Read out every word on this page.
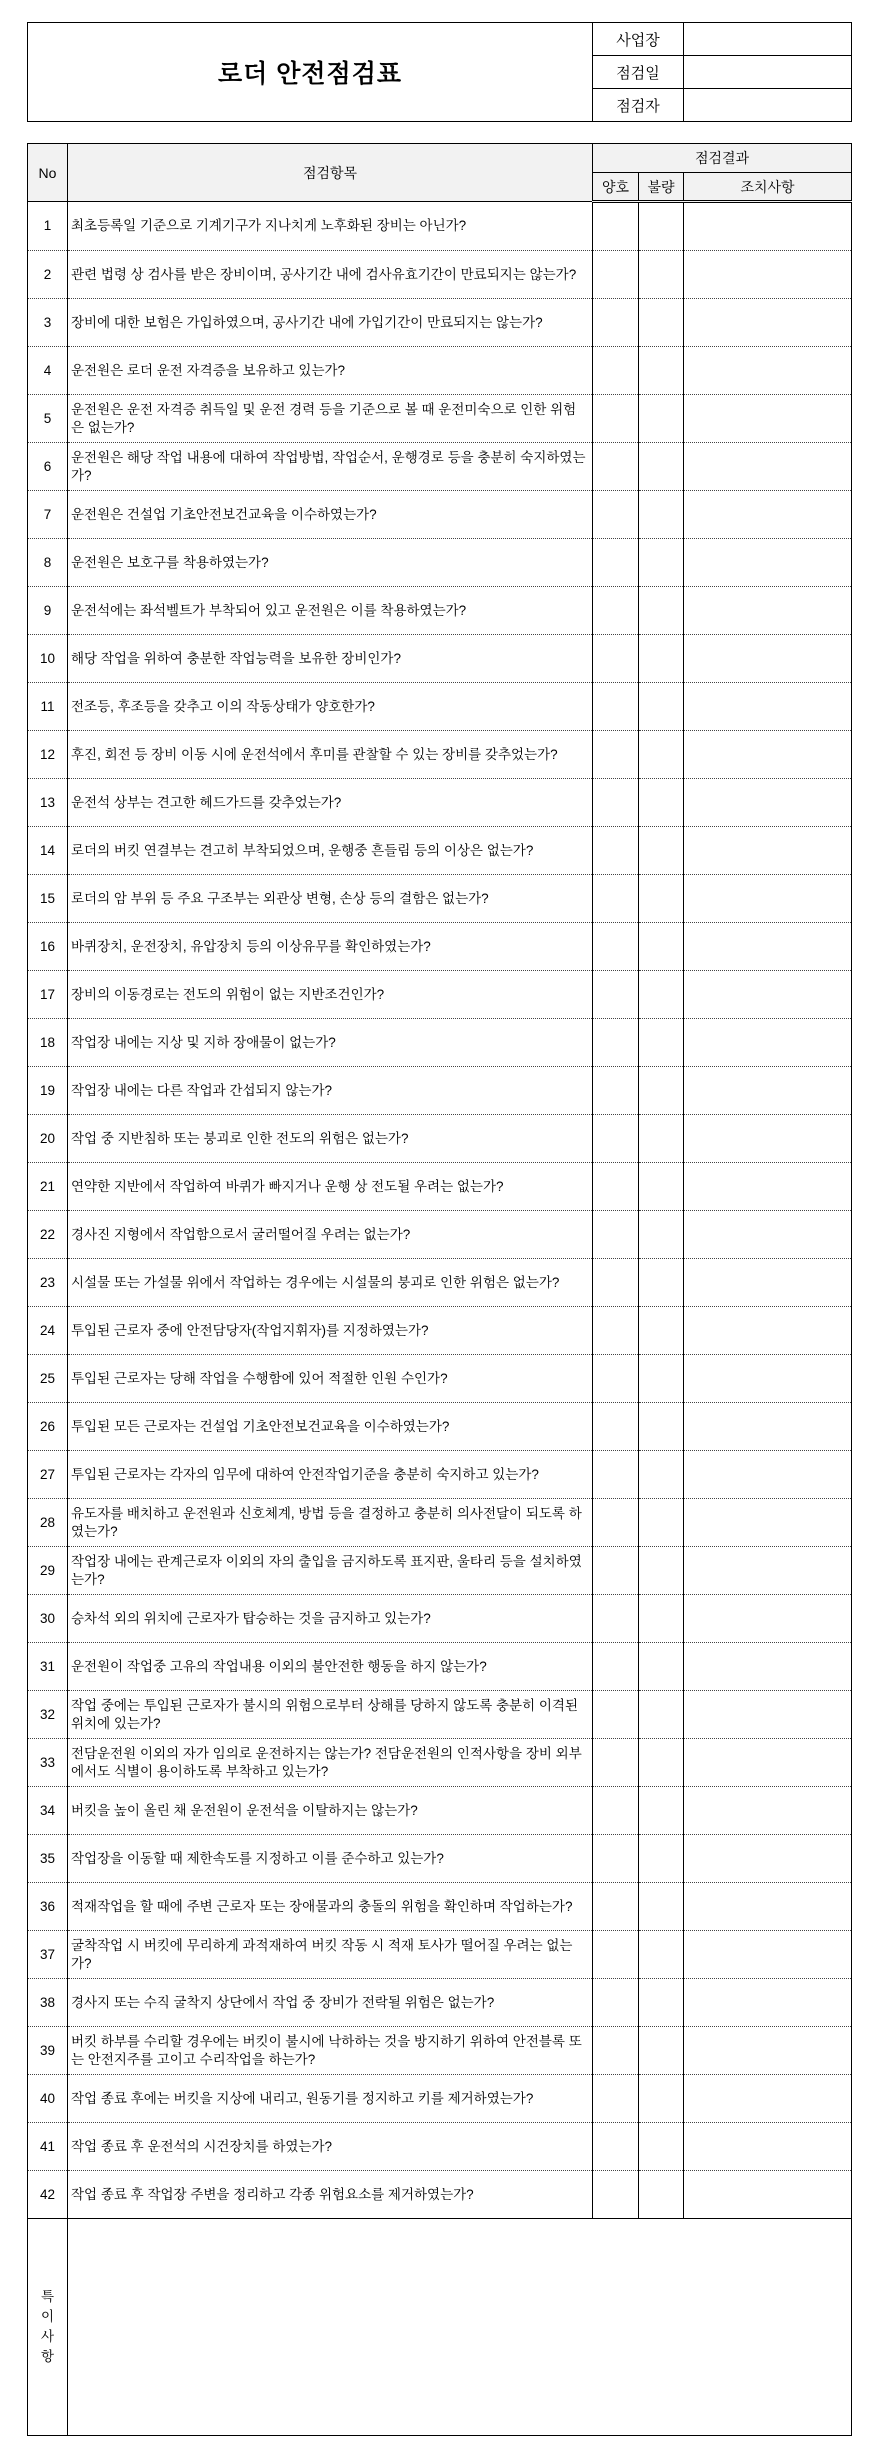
로더 안전점검표	사업장	
	점검일	
	점검자	
No	점검항목	점검결과		
		양호	불량	조치사항
1	최초등록일 기준으로 기계기구가 지나치게 노후화된 장비는 아닌가?			
2	관련 법령 상 검사를 받은 장비이며, 공사기간 내에 검사유효기간이 만료되지는 않는가?			
3	장비에 대한 보험은 가입하였으며, 공사기간 내에 가입기간이 만료되지는 않는가?			
4	운전원은 로더 운전 자격증을 보유하고 있는가?			
5	운전원은 운전 자격증 취득일 및 운전 경력 등을 기준으로 볼 때 운전미숙으로 인한 위험은 없는가?			
6	운전원은 해당 작업 내용에 대하여 작업방법, 작업순서, 운행경로 등을 충분히 숙지하였는가?			
7	운전원은 건설업 기초안전보건교육을 이수하였는가?			
8	운전원은 보호구를 착용하였는가?			
9	운전석에는 좌석벨트가 부착되어 있고 운전원은 이를 착용하였는가?			
10	해당 작업을 위하여 충분한 작업능력을 보유한 장비인가?			
11	전조등, 후조등을 갖추고 이의 작동상태가 양호한가?			
12	후진, 회전 등 장비 이동 시에 운전석에서 후미를 관찰할 수 있는 장비를 갖추었는가?			
13	운전석 상부는 견고한 헤드가드를 갖추었는가?			
14	로더의 버킷 연결부는 견고히 부착되었으며, 운행중 흔들림 등의 이상은 없는가?			
15	로더의 암 부위 등 주요 구조부는 외관상 변형, 손상 등의 결함은 없는가?			
16	바퀴장치, 운전장치, 유압장치 등의 이상유무를 확인하였는가?			
17	장비의 이동경로는 전도의 위험이 없는 지반조건인가?			
18	작업장 내에는 지상 및 지하 장애물이 없는가?			
19	작업장 내에는 다른 작업과 간섭되지 않는가?			
20	작업 중 지반침하 또는 붕괴로 인한 전도의 위험은 없는가?			
21	연약한 지반에서 작업하여 바퀴가 빠지거나 운행 상 전도될 우려는 없는가?			
22	경사진 지형에서 작업함으로서 굴러떨어질 우려는 없는가?			
23	시설물 또는 가설물 위에서 작업하는 경우에는 시설물의 붕괴로 인한 위험은 없는가?			
24	투입된 근로자 중에 안전담당자(작업지휘자)를 지정하였는가?			
25	투입된 근로자는 당해 작업을 수행함에 있어 적절한 인원 수인가?			
26	투입된 모든 근로자는 건설업 기초안전보건교육을 이수하였는가?			
27	투입된 근로자는 각자의 임무에 대하여 안전작업기준을 충분히 숙지하고 있는가?			
28	유도자를 배치하고 운전원과 신호체계, 방법 등을 결정하고 충분히 의사전달이 되도록 하였는가?			
29	작업장 내에는 관계근로자 이외의 자의 출입을 금지하도록 표지판, 울타리 등을 설치하였는가?			
30	승차석 외의 위치에 근로자가 탑승하는 것을 금지하고 있는가?			
31	운전원이 작업중 고유의 작업내용 이외의 불안전한 행동을 하지 않는가?			
32	작업 중에는 투입된 근로자가 불시의 위험으로부터 상해를 당하지 않도록 충분히 이격된 위치에 있는가?			
33	전담운전원 이외의 자가 임의로 운전하지는 않는가? 전담운전원의 인적사항을 장비 외부에서도 식별이 용이하도록 부착하고 있는가?			
34	버킷을 높이 올린 채 운전원이 운전석을 이탈하지는 않는가?			
35	작업장을 이동할 때 제한속도를 지정하고 이를 준수하고 있는가?			
36	적재작업을 할 때에 주변 근로자 또는 장애물과의 충돌의 위험을 확인하며 작업하는가?			
37	굴착작업 시 버킷에 무리하게 과적재하여 버킷 작동 시 적재 토사가 떨어질 우려는 없는가?			
38	경사지 또는 수직 굴착지 상단에서 작업 중 장비가 전락될 위험은 없는가?			
39	버킷 하부를 수리할 경우에는 버킷이 불시에 낙하하는 것을 방지하기 위하여 안전블록 또는 안전지주를 고이고 수리작업을 하는가?			
40	작업 종료 후에는 버킷을 지상에 내리고, 원동기를 정지하고 키를 제거하였는가?			
41	작업 종료 후 운전석의 시건장치를 하였는가?			
42	작업 종료 후 작업장 주변을 정리하고 각종 위험요소를 제거하였는가?			
특
이
사
항				
